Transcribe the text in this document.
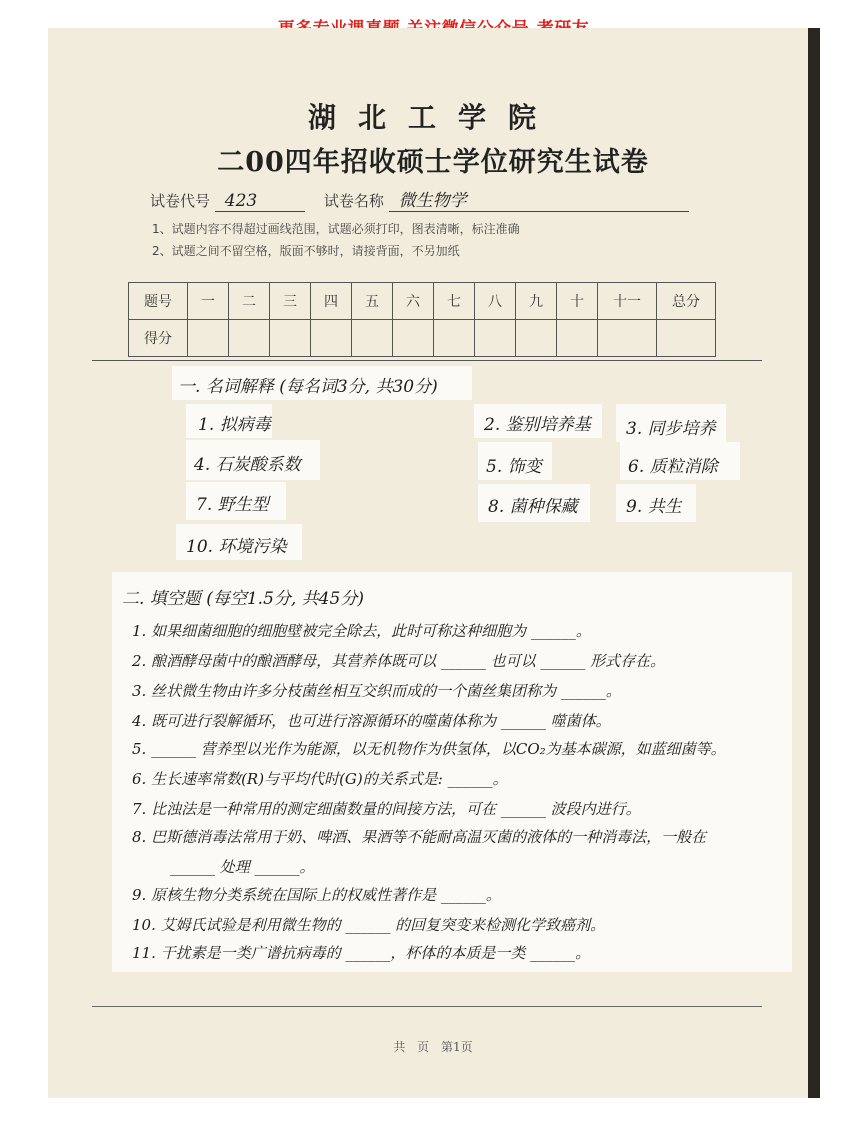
湖北工学院
二00四年招收硕士学位研究生试卷
试卷代号 423	试卷名称 微生物学
1、试题内容不得超过画线范围，试题必须打印，图表清晰，标注准确
2、试题之间不留空格，版面不够时，请接背面，不另加纸
题号	一	二	三	四	五	六	七	八	九	十	十一	总分
得分												
一. 名词解释 (每名词3分, 共30分)
1. 拟病毒	2. 鉴别培养基 3. 同步培养
4. 石炭酸系数	5. 饰变	6. 质粒消除
7. 野生型	8. 菌种保藏	9. 共生
10. 环境污染
二. 填空题 (每空1.5分, 共45分)
1. 如果细菌细胞的细胞壁被完全除去，此时可称这种细胞为 ______。
2. 酿酒酵母菌中的酿酒酵母，其营养体既可以 ______ 也可以 ______ 形式存在。
3. 丝状微生物由许多分枝菌丝相互交织而成的一个菌丝集团称为 ______。
4. 既可进行裂解循环，也可进行溶源循环的噬菌体称为 ______ 噬菌体。
5. ______ 营养型以光作为能源，以无机物作为供氢体，以CO₂为基本碳源，如蓝细菌等。
6. 生长速率常数(R)与平均代时(G)的关系式是: ______。
7. 比浊法是一种常用的测定细菌数量的间接方法，可在 ______ 波段内进行。
8. 巴斯德消毒法常用于奶、啤酒、果酒等不能耐高温灭菌的液体的一种消毒法，一般在
______ 处理 ______。
9. 原核生物分类系统在国际上的权威性著作是 ______。
10. 艾姆氏试验是利用微生物的 ______ 的回复突变来检测化学致癌剂。
11. 干扰素是一类广谱抗病毒的 ______，杯体的本质是一类 ______。
共 页 第1页
